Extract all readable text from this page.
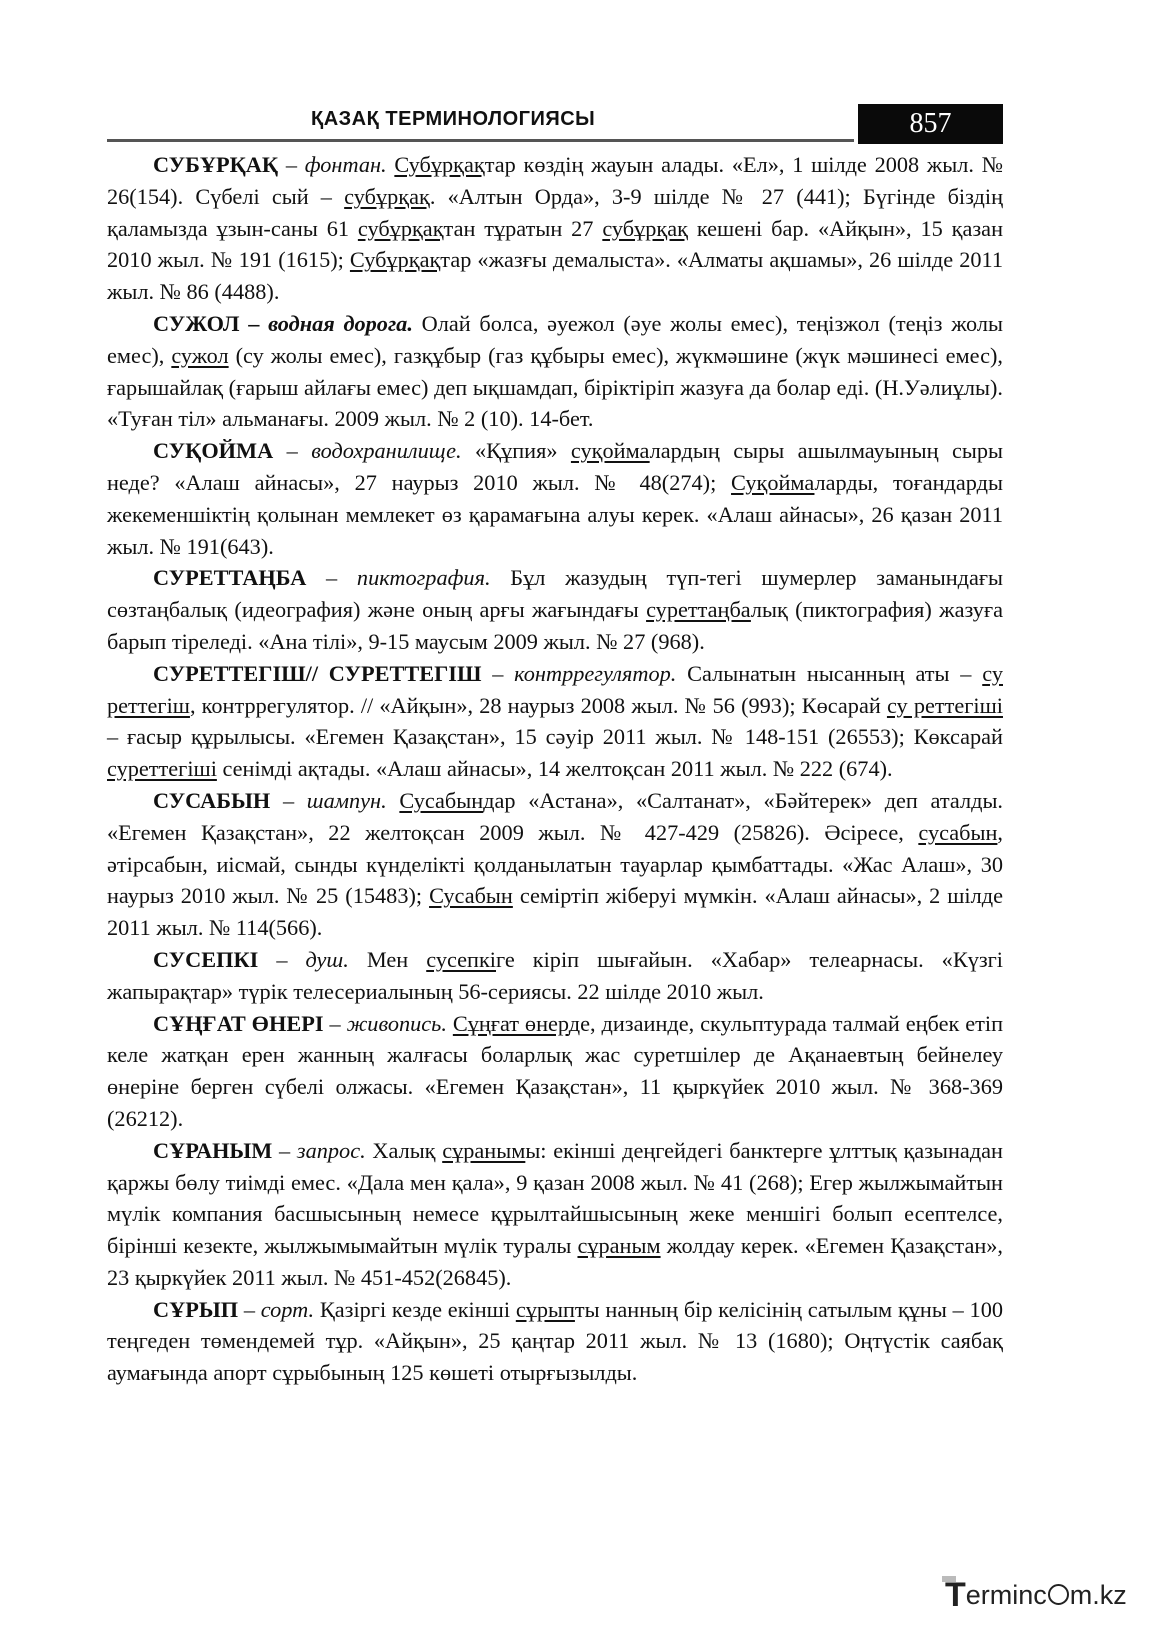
ҚАЗАҚ ТЕРМИНОЛОГИЯСЫ	857

СУБҰРҚАҚ – фонтан. Субұрқақтар көздің жауын алады. «Ел», 1 шілде 2008 жыл. № 26(154). Сүбелі сый – субұрқақ. «Алтын Орда», 3-9 шілде № 27 (441); Бүгінде біздің қаламызда ұзын-саны 61 субұрқақтан тұратын 27 субұрқақ кешені бар. «Айқын», 15 қазан 2010 жыл. № 191 (1615); Субұрқақтар «жазғы демалыста». «Алматы ақшамы», 26 шілде 2011 жыл. № 86 (4488).

СУЖОЛ – водная дорога. Олай болса, әуежол (әуе жолы емес), теңізжол (теңіз жолы емес), сужол (су жолы емес), газқұбыр (газ құбыры емес), жүкмәшине (жүк мәшинесі емес), ғарышайлақ (ғарыш айлағы емес) деп ықшамдап, біріктіріп жазуға да болар еді. (Н.Уәлиұлы). «Туған тіл» альманағы. 2009 жыл. № 2 (10). 14-бет.

СУҚОЙМА – водохранилище. «Құпия» суқоймалардың сыры ашылмауының сыры неде? «Алаш айнасы», 27 наурыз 2010 жыл. № 48(274); Суқоймаларды, тоғандарды жекеменшіктің қолынан мемлекет өз қарамағына алуы керек. «Алаш айнасы», 26 қазан 2011 жыл. № 191(643).

СУРЕТТАҢБА – пиктография. Бұл жазудың түп-тегі шумерлер заманындағы сөзтаңбалық (идеография) және оның арғы жағындағы суреттаңбалық (пиктография) жазуға барып тіреледі. «Ана тілі», 9-15 маусым 2009 жыл. № 27 (968).

СУРЕТТЕГІШ// СУРЕТТЕГІШ – контррегулятор. Салынатын нысанның аты – су реттегіш, контррегулятор. // «Айқын», 28 наурыз 2008 жыл. № 56 (993); Көсарай су реттегіші – ғасыр құрылысы. «Егемен Қазақстан», 15 сәуір 2011 жыл. № 148-151 (26553); Көксарай суреттегіші сенімді ақтады. «Алаш айнасы», 14 желтоқсан 2011 жыл. № 222 (674).

СУСАБЫН – шампун. Сусабындар «Астана», «Салтанат», «Бәйтерек» деп аталды. «Егемен Қазақстан», 22 желтоқсан 2009 жыл. № 427-429 (25826). Әсіресе, сусабын, әтірсабын, иісмай, сынды күнделікті қолданылатын тауарлар қымбаттады. «Жас Алаш», 30 наурыз 2010 жыл. № 25 (15483); Сусабын семіртіп жіберуі мүмкін. «Алаш айнасы», 2 шілде 2011 жыл. № 114(566).

СУСЕПКІ – душ. Мен сусепкіге кіріп шығайын. «Хабар» телеарнасы. «Күзгі жапырақтар» түрік телесериалының 56-сериясы. 22 шілде 2010 жыл.

СҰҢҒАТ ӨНЕРІ – живопись. Сұңғат өнерде, дизаинде, скульптурада талмай еңбек етіп келе жатқан ерен жанның жалғасы боларлық жас суретшілер де Ақанаевтың бейнелеу өнеріне берген сүбелі олжасы. «Егемен Қазақстан», 11 қыркүйек 2010 жыл. № 368-369 (26212).

СҰРАНЫМ – запрос. Халық сұранымы: екінші деңгейдегі банктерге ұлттық қазынадан қаржы бөлу тиімді емес. «Дала мен қала», 9 қазан 2008 жыл. № 41 (268); Егер жылжымайтын мүлік компания басшысының немесе құрылтайшысының жеке меншігі болып есептелсе, бірінші кезекте, жылжымымайтын мүлік туралы сұраным жолдау керек. «Егемен Қазақстан», 23 қыркүйек 2011 жыл. № 451-452(26845).

СҰРЫП – сорт. Қазіргі кезде екінші сұрыпты нанның бір келісінің сатылым құны – 100 теңгеден төмендемей тұр. «Айқын», 25 қаңтар 2011 жыл. № 13 (1680); Оңтүстік саябақ аумағында апорт сұрыбының 125 көшеті отырғызылды.

Terminc m.kz
